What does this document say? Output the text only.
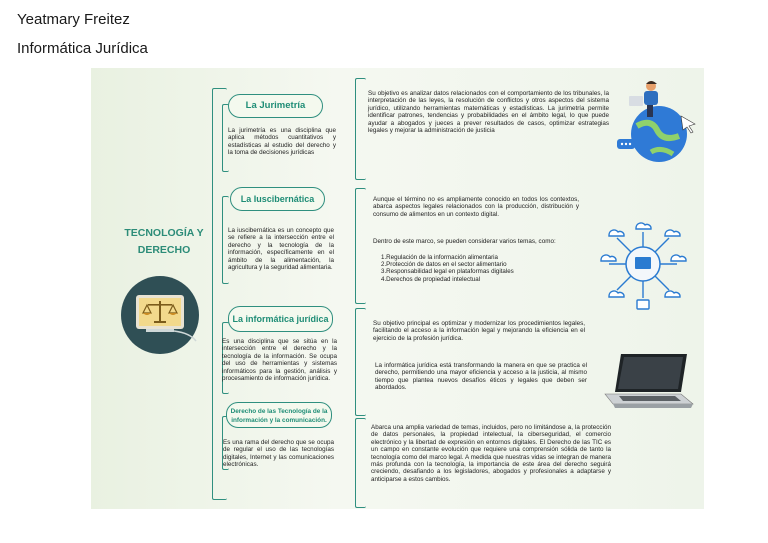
Yeatmary Freitez
Informática Jurídica
TECNOLOGÍA Y
DERECHO
La Jurimetría
La jurimetría es una disciplina que aplica métodos cuantitativos y estadísticas al estudio del derecho y la toma de decisiones jurídicas
La Iuscibernática
La iuscibernática es un concepto que se refiere a la intersección entre el derecho y la tecnología de la información, específicamente en el ámbito de la alimentación, la agricultura y la seguridad alimentaria.
La informática jurídica
Es una disciplina que se sitúa en la intersección entre el derecho y la tecnología de la información. Se ocupa del uso de herramientas y sistemas informáticos para la gestión, análisis y procesamiento de información jurídica.
Derecho de las Tecnología de la información y la comunicación.
Es una rama del derecho que se ocupa de regular el uso de las tecnologías digitales, Internet y las comunicaciones electrónicas.
Su objetivo es analizar datos relacionados con el comportamiento de los tribunales, la interpretación de las leyes, la resolución de conflictos y otros aspectos del sistema jurídico, utilizando herramientas matemáticas y estadísticas. La jurimetría permite identificar patrones, tendencias y probabilidades en el ámbito legal, lo que puede ayudar a abogados y jueces a prever resultados de casos, optimizar estrategias legales y mejorar la administración de justicia
Aunque el término no es ampliamente conocido en todos los contextos, abarca aspectos legales relacionados con la producción, distribución y consumo de alimentos en un contexto digital.
Dentro de este marco, se pueden considerar varios temas, como:
1.Regulación de la información alimentaria
2.Protección de datos en el sector alimentario
3.Responsabilidad legal en plataformas digitales
4.Derechos de propiedad intelectual
Su objetivo principal es optimizar y modernizar los procedimientos legales, facilitando el acceso a la información legal y mejorando la eficiencia en el ejercicio de la profesión jurídica.
La informática jurídica está transformando la manera en que se practica el derecho, permitiendo una mayor eficiencia y acceso a la justicia, al mismo tiempo que plantea nuevos desafíos éticos y legales que deben ser abordados.
Abarca una amplia variedad de temas, incluidos, pero no limitándose a, la protección de datos personales, la propiedad intelectual, la ciberseguridad, el comercio electrónico y la libertad de expresión en entornos digitales. El Derecho de las TIC es un campo en constante evolución que requiere una comprensión sólida de tanto la tecnología como del marco legal. A medida que nuestras vidas se integran de manera más profunda con la tecnología, la importancia de este área del derecho seguirá creciendo, desafiando a los legisladores, abogados y profesionales a adaptarse y anticiparse a estos cambios.
